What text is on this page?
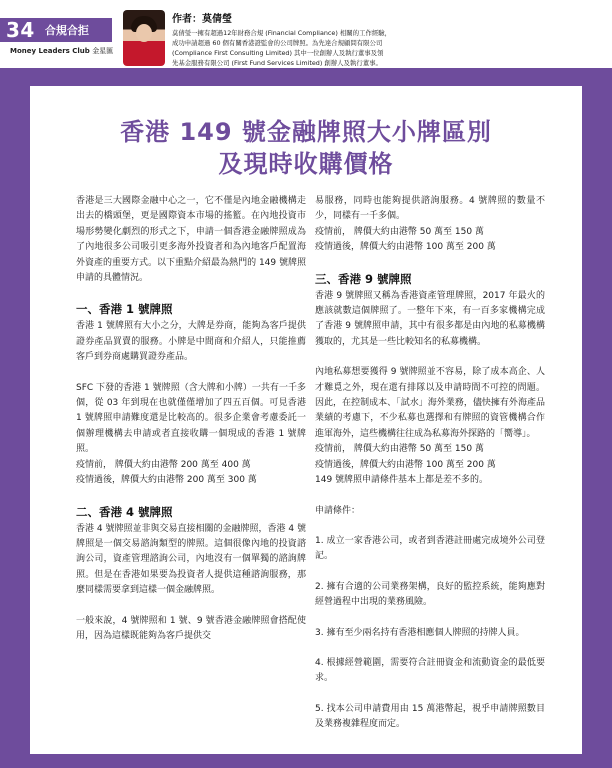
34 合規合拒
Money Leaders Club 金星匯
作者：莫倩瑩
莫倩瑩一擁有超過12年財務合規 (Financial Compliance) 相關的工作經驗，
成功申請超過 60 個有關香港證監會的公司牌照。為先達合規顧問有限公司
(Compliance First Consulting Limited) 其中一位創辦人及執行董事及領
先基金服務有限公司 (First Fund Services Limited) 創辦人及執行董事。
香港 149 號金融牌照大小牌區別
及現時收購價格

香港是三大國際金融中心之一，它不僅是內地金融機構走出去的橋頭堡，更是國際資本市場的搖籃。在內地投資市場形勢變化劇烈的形式之下，申請一個香港金融牌照成為了內地很多公司吸引更多海外投資者和為內地客戶配置海外資產的重要方式。以下重點介紹最為熱門的 149 號牌照申請的具體情況。

一、香港 1 號牌照

香港 1 號牌照有大小之分，大牌是券商，能夠為客戶提供證券產品買賣的服務。小牌是中間商和介紹人，只能推薦客戶到券商處購買證券產品。

SFC 下發的香港 1 號牌照（含大牌和小牌）一共有一千多個，從 03 年到現在也就僅僅增加了四五百個。可見香港 1 號牌照申請難度還是比較高的。很多企業會考慮委託一個辦理機構去申請或者直接收購一個現成的香港 1 號牌照。

疫情前， 牌價大約由港幣 200 萬至 400 萬

疫情過後，牌價大約由港幣 200 萬至 300 萬

二、香港 4 號牌照

香港 4 號牌照並非與交易直接相關的金融牌照，香港 4 號牌照是一個交易諮詢類型的牌照。這個很像內地的投資諮詢公司，資產管理諮詢公司，內地沒有一個單獨的諮詢牌照。但是在香港如果要為投資者人提供這種諮詢服務，那麼同樣需要拿到這樣一個金融牌照。

一般來說，4 號牌照和 1 號、9 號香港金融牌照會搭配使用，因為這樣既能夠為客戶提供交

易服務，同時也能夠提供諮詢服務。4 號牌照的數量不少，同樣有一千多個。

疫情前， 牌價大約由港幣 50 萬至 150 萬

疫情過後，牌價大約由港幣 100 萬至 200 萬

三、香港 9 號牌照

香港 9 號牌照又稱為香港資產管理牌照，2017 年最火的應該就數這個牌照了。一整年下來，有一百多家機構完成了香港 9 號牌照申請，其中有很多都是由內地的私募機構獲取的，尤其是一些比較知名的私募機構。

內地私募想要獲得 9 號牌照並不容易，除了成本高企、人才難覓之外，現在還有排隊以及申請時間不可控的問題。因此，在控制成本、「試水」海外業務，儘快擁有外海產品業績的考慮下，不少私募也選擇和有牌照的資管機構合作進軍海外，這些機構往往成為私募海外探路的「嚮導」。

疫情前， 牌價大約由港幣 50 萬至 150 萬

疫情過後，牌價大約由港幣 100 萬至 200 萬

149 號牌照申請條件基本上都是差不多的。

申請條件：

1. 成立一家香港公司，或者到香港註冊處完成境外公司登記。

2. 擁有合適的公司業務架構，良好的監控系統，能夠應對經營過程中出現的業務風險。

3. 擁有至少兩名持有香港相應個人牌照的持牌人員。

4. 根據經營範圍，需要符合註冊資金和流動資金的最低要求。

5. 找本公司申請費用由 15 萬港幣起，視乎申請牌照數目及業務複雜程度而定。
